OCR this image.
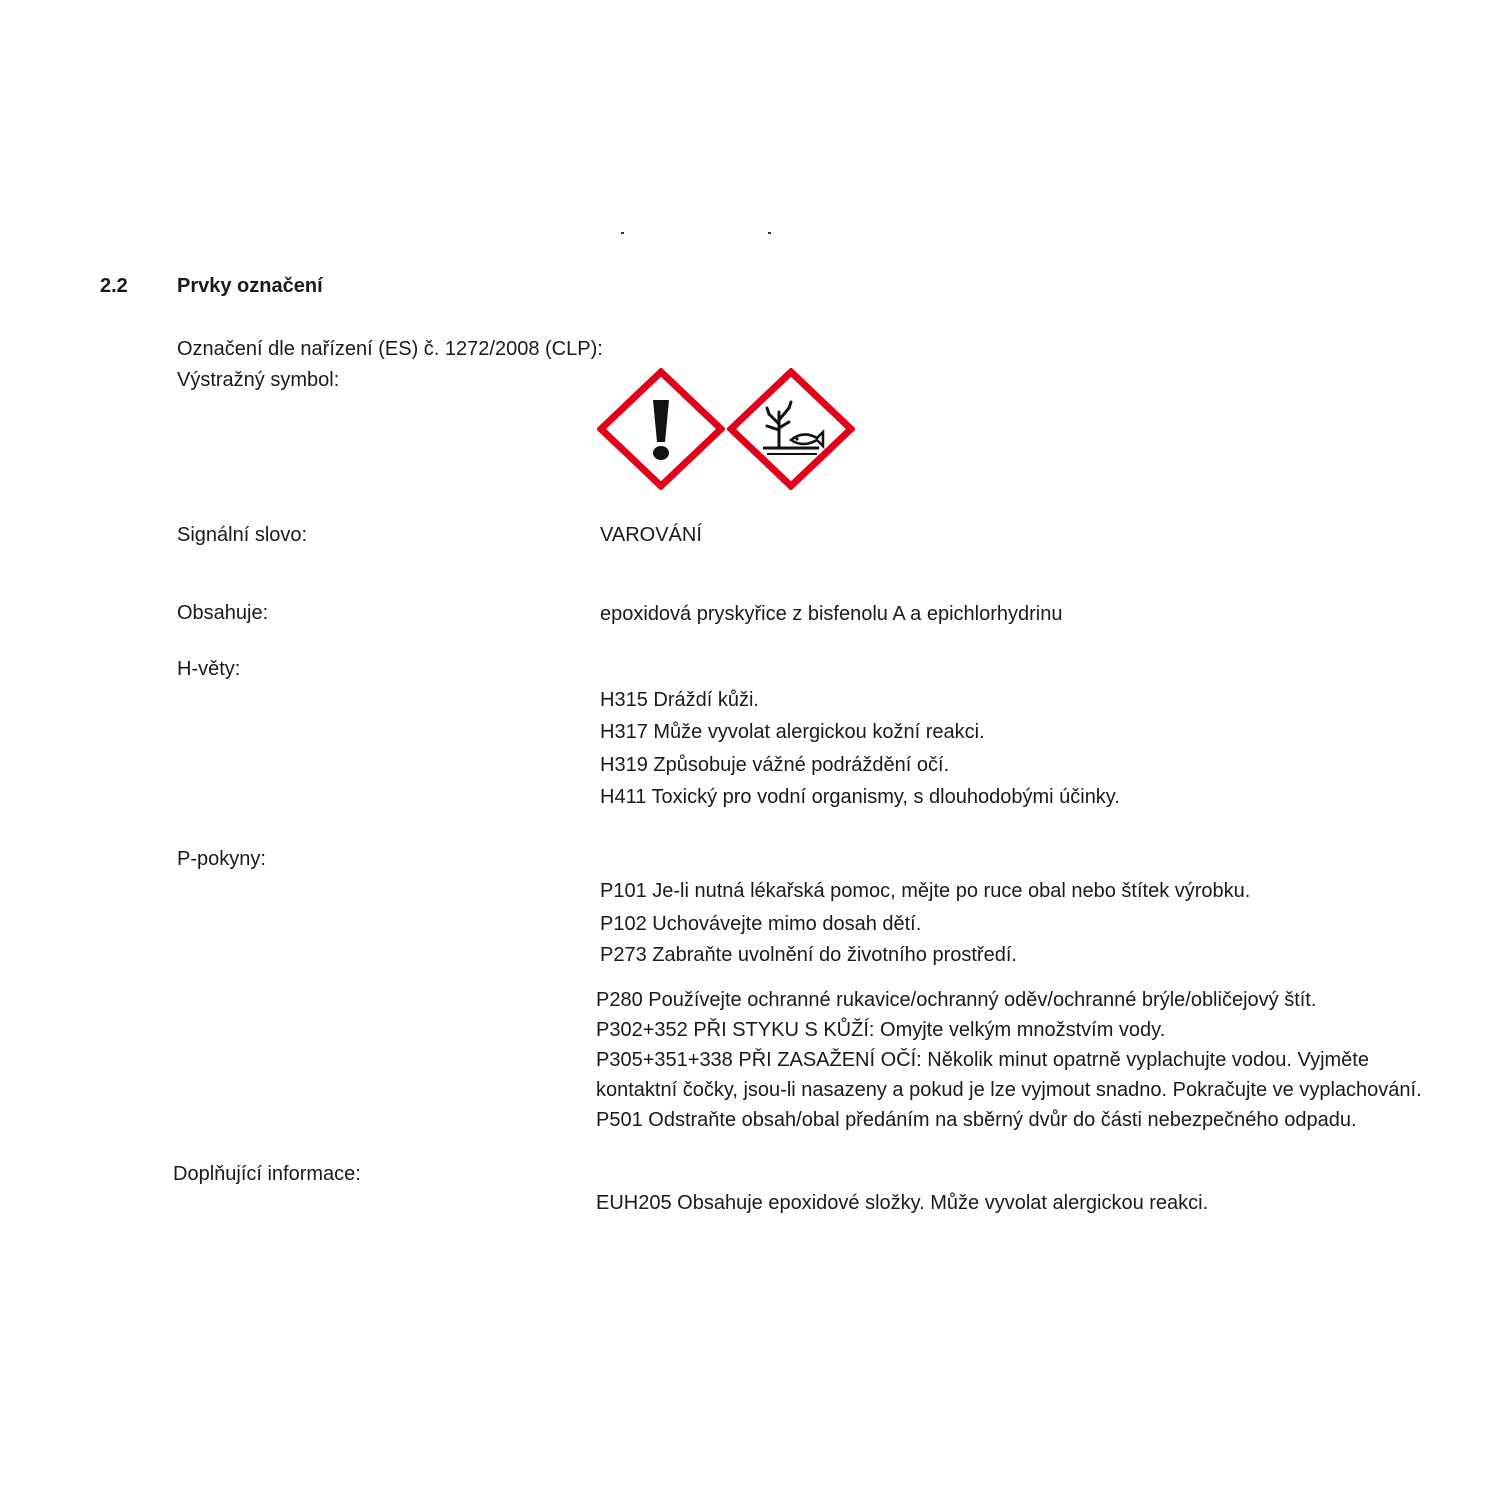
2.2 Prvky označení
Označení dle nařízení (ES) č. 1272/2008 (CLP):
Výstražný symbol:
Signální slovo:	VAROVÁNÍ
Obsahuje:	epoxidová pryskyřice z bisfenolu A a epichlorhydrinu
H-věty:
H315 Dráždí kůži.
H317 Může vyvolat alergickou kožní reakci.
H319 Způsobuje vážné podráždění očí.
H411 Toxický pro vodní organismy, s dlouhodobými účinky.
P-pokyny:
P101 Je-li nutná lékařská pomoc, mějte po ruce obal nebo štítek výrobku.
P102 Uchovávejte mimo dosah dětí.
P273 Zabraňte uvolnění do životního prostředí.
P280 Používejte ochranné rukavice/ochranný oděv/ochranné brýle/obličejový štít.
P302+352 PŘI STYKU S KŮŽÍ: Omyjte velkým množstvím vody.
P305+351+338 PŘI ZASAŽENÍ OČÍ: Několik minut opatrně vyplachujte vodou. Vyjměte kontaktní čočky, jsou-li nasazeny a pokud je lze vyjmout snadno. Pokračujte ve vyplachování.
P501 Odstraňte obsah/obal předáním na sběrný dvůr do části nebezpečného odpadu.
Doplňující informace:
EUH205 Obsahuje epoxidové složky. Může vyvolat alergickou reakci.
